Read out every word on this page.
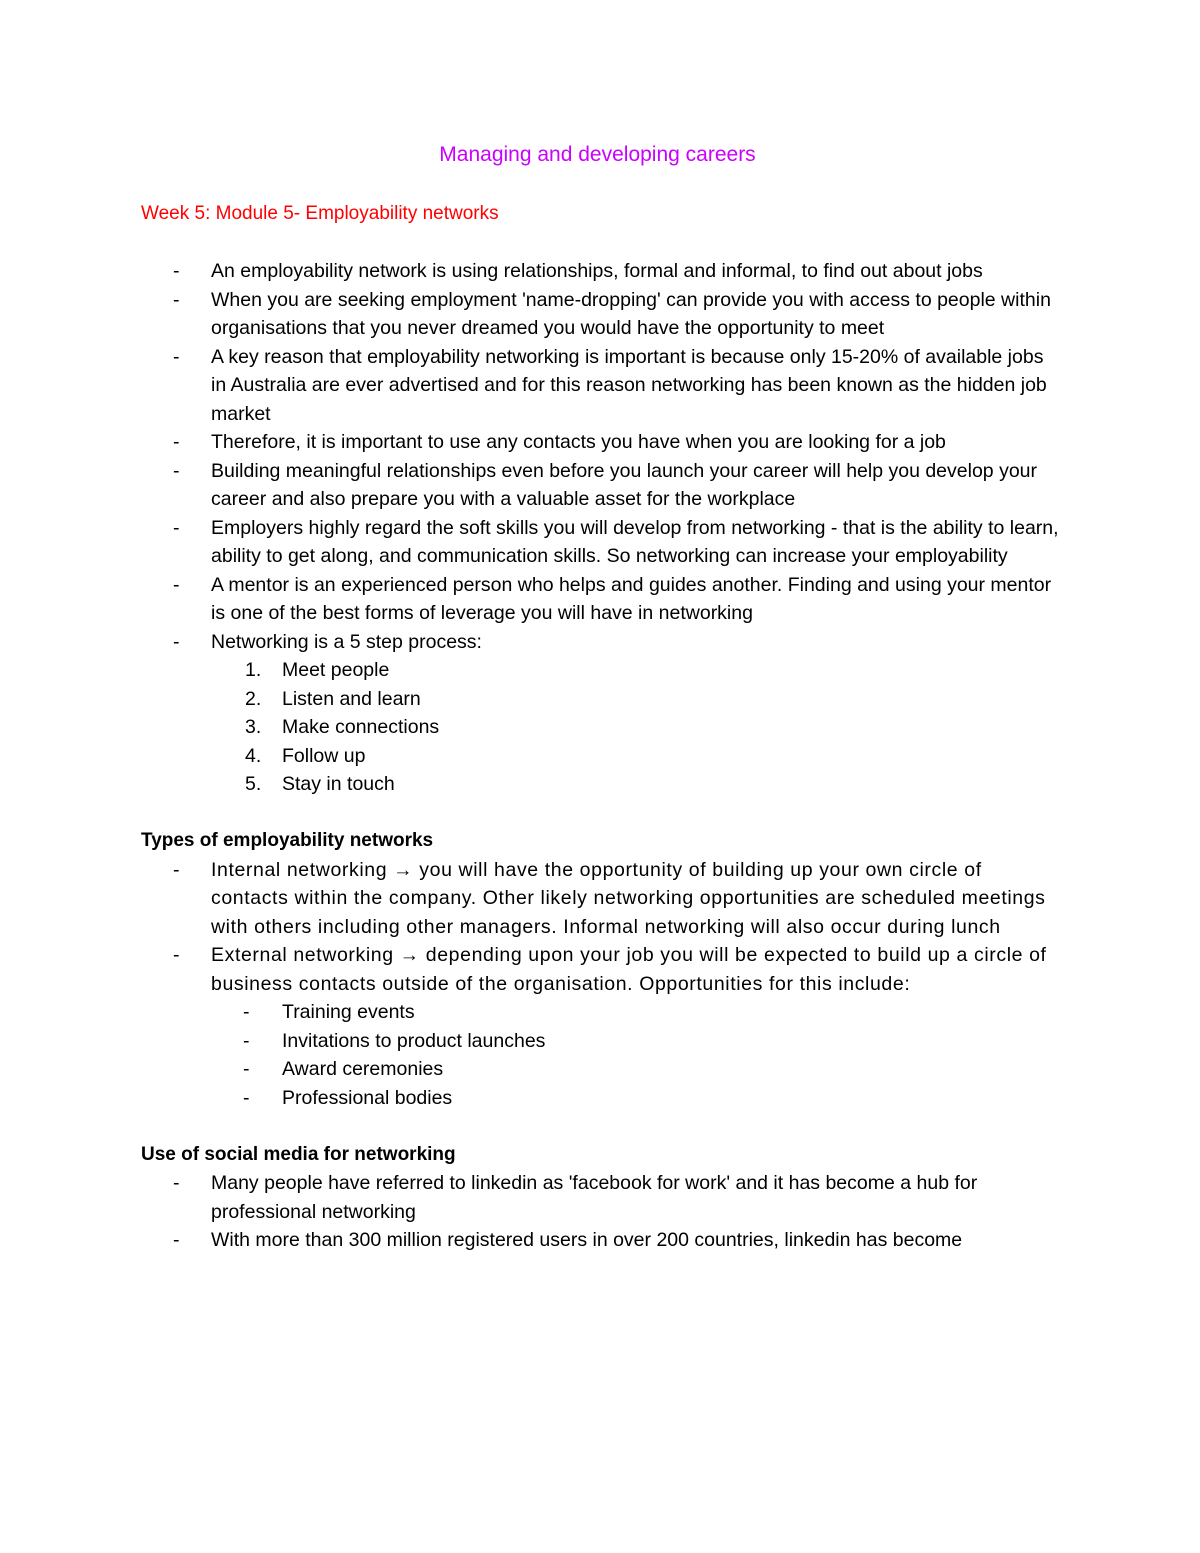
Managing and developing careers
Week 5: Module 5- Employability networks
-	An employability network is using relationships, formal and informal, to find out about jobs
-	When you are seeking employment 'name-dropping' can provide you with access to people within organisations that you never dreamed you would have the opportunity to meet
-	A key reason that employability networking is important is because only 15-20% of available jobs in Australia are ever advertised and for this reason networking has been known as the hidden job market
-	Therefore, it is important to use any contacts you have when you are looking for a job
-	Building meaningful relationships even before you launch your career will help you develop your career and also prepare you with a valuable asset for the workplace
-	Employers highly regard the soft skills you will develop from networking - that is the ability to learn, ability to get along, and communication skills. So networking can increase your employability
-	A mentor is an experienced person who helps and guides another. Finding and using your mentor is one of the best forms of leverage you will have in networking
-	Networking is a 5 step process:
1.	Meet people
2.	Listen and learn
3.	Make connections
4.	Follow up
5.	Stay in touch
Types of employability networks
-	Internal networking → you will have the opportunity of building up your own circle of contacts within the company. Other likely networking opportunities are scheduled meetings with others including other managers. Informal networking will also occur during lunch
-	External networking → depending upon your job you will be expected to build up a circle of business contacts outside of the organisation. Opportunities for this include:
-	Training events
-	Invitations to product launches
-	Award ceremonies
-	Professional bodies
Use of social media for networking
-	Many people have referred to linkedin as 'facebook for work' and it has become a hub for professional networking
-	With more than 300 million registered users in over 200 countries, linkedin has become
